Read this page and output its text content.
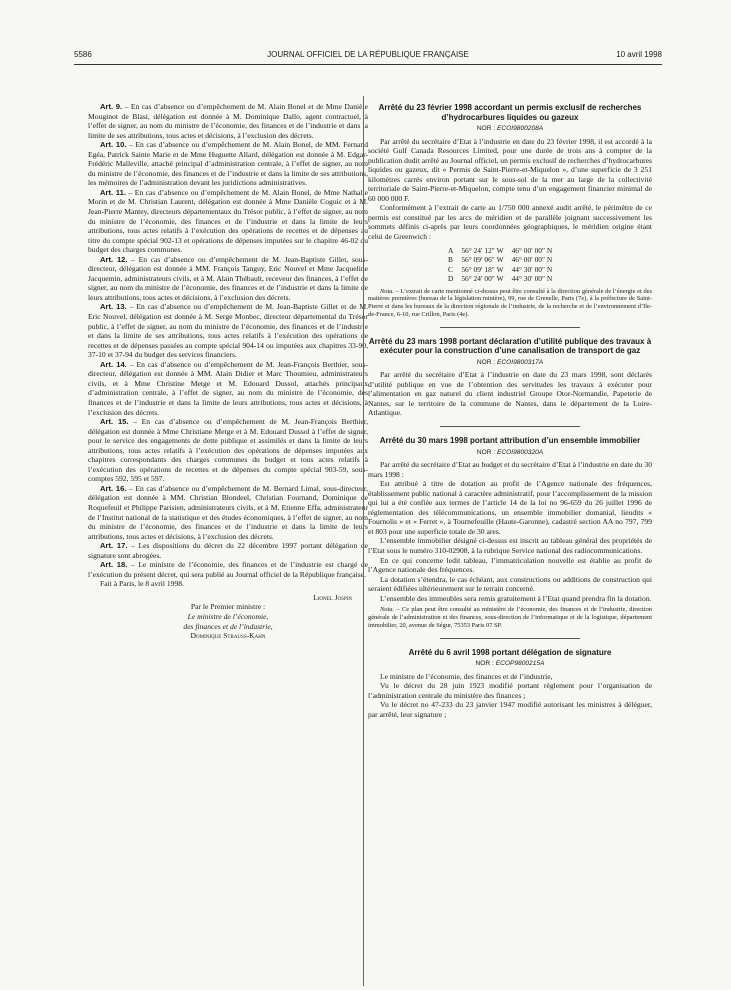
5586	JOURNAL OFFICIEL DE LA RÉPUBLIQUE FRANÇAISE	10 avril 1998

Art. 9. – En cas d’absence ou d’empêchement de M. Alain Bonel et de Mme Danièle Mouginot de Blasi, délégation est donnée à M. Dominique Dallo, agent contractuel, à l’effet de signer, au nom du ministre de l’économie, des finances et de l’industrie et dans la limite de ses attributions, tous actes et décisions, à l’exclusion des décrets.

Art. 10. – En cas d’absence ou d’empêchement de M. Alain Bonel, de MM. Fernand Egéa, Patrick Sainte Marie et de Mme Huguette Allard, délégation est donnée à M. Edgar-Frédéric Malleville, attaché principal d’administration centrale, à l’effet de signer, au nom du ministre de l’économie, des finances et de l’industrie et dans la limite de ses attributions, les mémoires de l’administration devant les juridictions administratives.

Art. 11. – En cas d’absence ou d’empêchement de M. Alain Bonel, de Mme Nathalie Morin et de M. Christian Laurent, délégation est donnée à Mme Danièle Coguic et à M. Jean-Pierre Mantey, directeurs départementaux du Trésor public, à l’effet de signer, au nom du ministre de l’économie, des finances et de l’industrie et dans la limite de leurs attributions, tous actes relatifs à l’exécution des opérations de recettes et de dépenses au titre du compte spécial 902-13 et opérations de dépenses imputées sur le chapitre 46-02 du budget des charges communes.

Art. 12. – En cas d’absence ou d’empêchement de M. Jean-Baptiste Gillet, sous-directeur, délégation est donnée à MM. François Tanguy, Eric Nouvel et Mme Jacqueline Jacquemin, administrateurs civils, et à M. Alain Thébault, receveur des finances, à l’effet de signer, au nom du ministre de l’économie, des finances et de l’industrie et dans la limite de leurs attributions, tous actes et décisions, à l’exclusion des décrets.

Art. 13. – En cas d’absence ou d’empêchement de M. Jean-Baptiste Gillet et de M. Eric Nouvel, délégation est donnée à M. Serge Monbec, directeur départemental du Trésor public, à l’effet de signer, au nom du ministre de l’économie, des finances et de l’industrie et dans la limite de ses attributions, tous actes relatifs à l’exécution des opérations de recettes et de dépenses passées au compte spécial 904-14 ou imputées aux chapitres 33-90, 37-10 et 37-94 du budget des services financiers.

Art. 14. – En cas d’absence ou d’empêchement de M. Jean-François Berthier, sous-directeur, délégation est donnée à MM. Alain Didier et Marc Thoumieu, administrateurs civils, et à Mme Christine Metge et M. Edouard Dussol, attachés principaux d’administration centrale, à l’effet de signer, au nom du ministre de l’économie, des finances et de l’industrie et dans la limite de leurs attributions, tous actes et décisions, à l’exclusion des décrets.

Art. 15. – En cas d’absence ou d’empêchement de M. Jean-François Berthier, délégation est donnée à Mme Christiane Metge et à M. Edouard Dussol à l’effet de signer, pour le service des engagements de dette publique et assimilés et dans la limite de leurs attributions, tous actes relatifs à l’exécution des opérations de dépenses imputées aux chapitres correspondants des charges communes du budget et tous actes relatifs à l’exécution des opérations de recettes et de dépenses du compte spécial 903-59, sous-comptes 592, 595 et 597.

Art. 16. – En cas d’absence ou d’empêchement de M. Bernard Limal, sous-directeur, délégation est donnée à MM. Christian Blondeel, Christian Fournand, Dominique de Roquefeuil et Philippe Parisien, administrateurs civils, et à M. Etienne Effa, administrateur de l’Institut national de la statistique et des études économiques, à l’effet de signer, au nom du ministre de l’économie, des finances et de l’industrie et dans la limite de leurs attributions, tous actes et décisions, à l’exclusion des décrets.

Art. 17. – Les dispositions du décret du 22 décembre 1997 portant délégation de signature sont abrogées.

Art. 18. – Le ministre de l’économie, des finances et de l’industrie est chargé de l’exécution du présent décret, qui sera publié au Journal officiel de la République française.

Fait à Paris, le 8 avril 1998.

Lionel Jospin
Par le Premier ministre :
Le ministre de l’économie,
des finances et de l’industrie,
Dominique Strauss-Kahn
Arrêté du 23 février 1998 accordant un permis exclusif de recherches d’hydrocarbures liquides ou gazeux
NOR : ECOI9800208A

Par arrêté du secrétaire d’Etat à l’industrie en date du 23 février 1998, il est accordé à la société Gulf Canada Resources Limited, pour une durée de trois ans à compter de la publication dudit arrêté au Journal officiel, un permis exclusif de recherches d’hydrocarbures liquides ou gazeux, dit « Permis de Saint-Pierre-et-Miquelon », d’une superficie de 3 251 kilomètres carrés environ portant sur le sous-sol de la mer au large de la collectivité territoriale de Saint-Pierre-et-Miquelon, compte tenu d’un engagement financier minimal de 60 000 000 F.

Conformément à l’extrait de carte au 1/750 000 annexé audit arrêté, le périmètre de ce permis est constitué par les arcs de méridien et de parallèle joignant successivement les sommets définis ci-après par leurs coordonnées géographiques, le méridien origine étant celui de Greenwich :

A	56° 24′ 12″ W	46° 00′ 00″ N
B	56° 09′ 06″ W	46° 00′ 00″ N
C	56° 09′ 18″ W	44° 30′ 00″ N
D	56° 24′ 00″ W	44° 30′ 00″ N

Nota. – L’extrait de carte mentionné ci-dessus peut être consulté à la direction générale de l’énergie et des matières premières (bureau de la législation minière), 99, rue de Grenelle, Paris (7e), à la préfecture de Saint-Pierre et dans les bureaux de la direction régionale de l’industrie, de la recherche et de l’environnement d’Ile-de-France, 6-10, rue Crillon, Paris (4e).

Arrêté du 23 mars 1998 portant déclaration d’utilité publique des travaux à exécuter pour la construction d’une canalisation de transport de gaz
NOR : ECOI9800317A

Par arrêté du secrétaire d’Etat à l’industrie en date du 23 mars 1998, sont déclarés d’utilité publique en vue de l’obtention des servitudes les travaux à exécuter pour l’alimentation en gaz naturel du client industriel Groupe Otor-Normandie, Papeterie de Nantes, sur le territoire de la commune de Nantes, dans le département de la Loire-Atlantique.

Arrêté du 30 mars 1998 portant attribution d’un ensemble immobilier
NOR : ECOI9800320A

Par arrêté du secrétaire d’Etat au budget et du secrétaire d’Etat à l’industrie en date du 30 mars 1998 :

Est attribué à titre de dotation au profit de l’Agence nationale des fréquences, établissement public national à caractère administratif, pour l’accomplissement de la mission qui lui a été confiée aux termes de l’article 14 de la loi no 96-659 du 26 juillet 1996 de réglementation des télécommunications, un ensemble immobilier domanial, lieudits « Fournolis » et « Ferret », à Tournefeuille (Haute-Garonne), cadastré section AA no 797, 799 et 803 pour une superficie totale de 30 ares.

L’ensemble immobilier désigné ci-dessus est inscrit au tableau général des propriétés de l’Etat sous le numéro 310-02908, à la rubrique Service national des radiocommunications.

En ce qui concerne ledit tableau, l’immatriculation nouvelle est établie au profit de l’Agence nationale des fréquences.

La dotation s’étendra, le cas échéant, aux constructions ou additions de construction qui seraient édifiées ultérieurement sur le terrain concerné.

L’ensemble des immeubles sera remis gratuitement à l’Etat quand prendra fin la dotation.

Nota. – Ce plan peut être consulté au ministère de l’économie, des finances et de l’industrie, direction générale de l’administration et des finances, sous-direction de l’informatique et de la logistique, département immobilier, 20, avenue de Ségur, 75353 Paris 07 SP.

Arrêté du 6 avril 1998 portant délégation de signature
NOR : ECOP9800215A

Le ministre de l’économie, des finances et de l’industrie,

Vu le décret du 28 juin 1923 modifié portant règlement pour l’organisation de l’administration centrale du ministère des finances ;

Vu le décret no 47-233 du 23 janvier 1947 modifié autorisant les ministres à déléguer, par arrêté, leur signature ;
